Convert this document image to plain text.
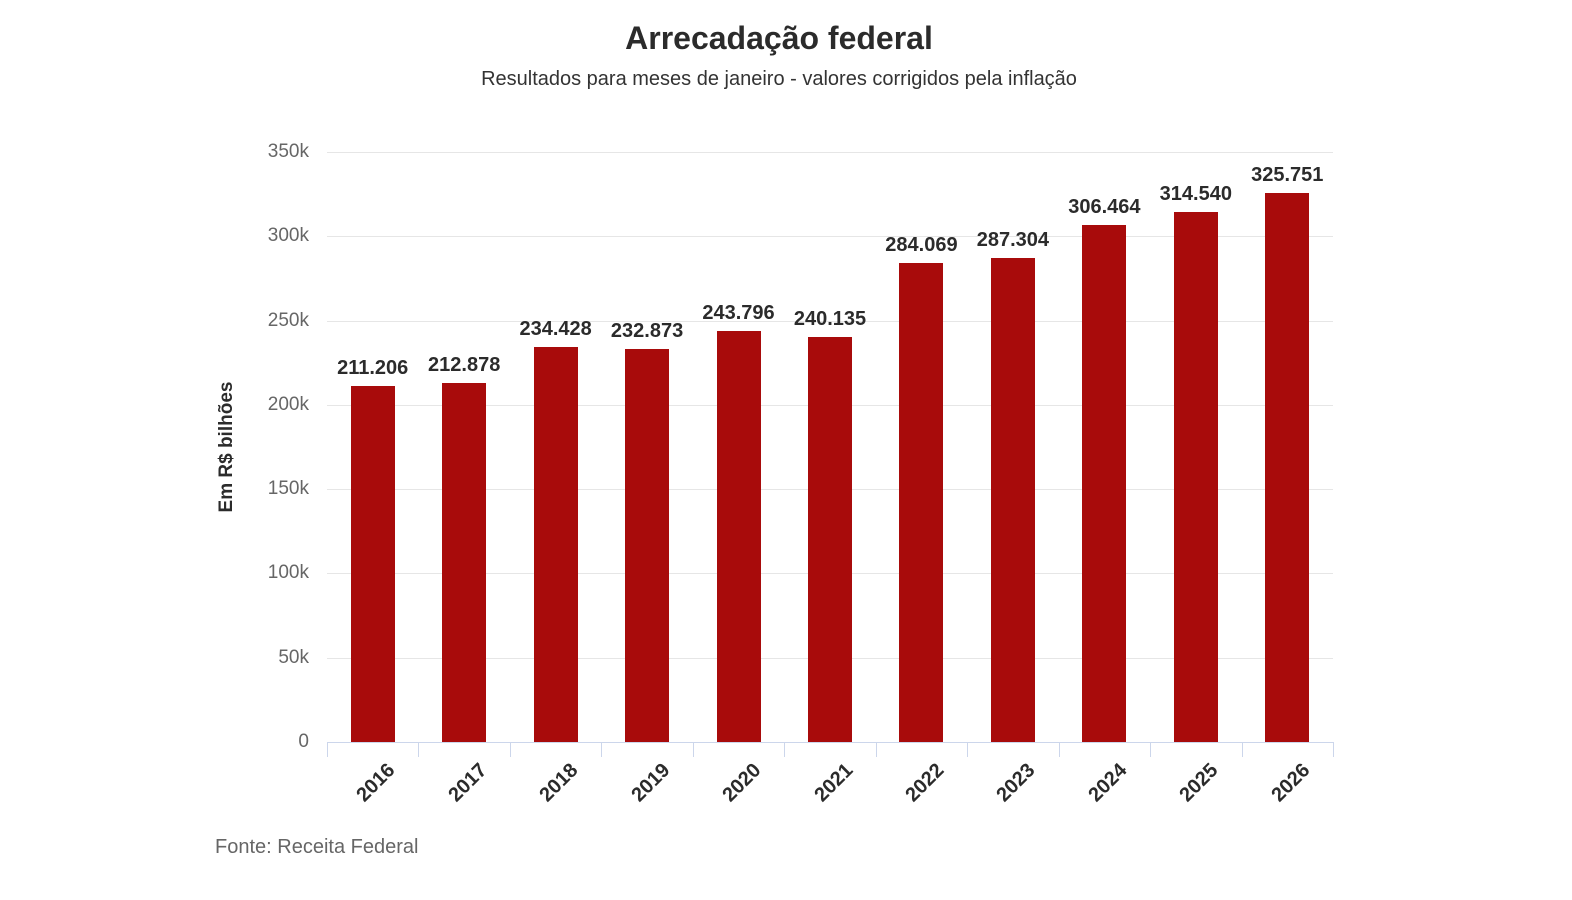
Arrecadação federal
Resultados para meses de janeiro - valores corrigidos pela inflação
Em R$ bilhões
0
50k
100k
150k
200k
250k
300k
350k
211.206
2016
212.878
2017
234.428
2018
232.873
2019
243.796
2020
240.135
2021
284.069
2022
287.304
2023
306.464
2024
314.540
2025
325.751
2026
Fonte: Receita Federal
